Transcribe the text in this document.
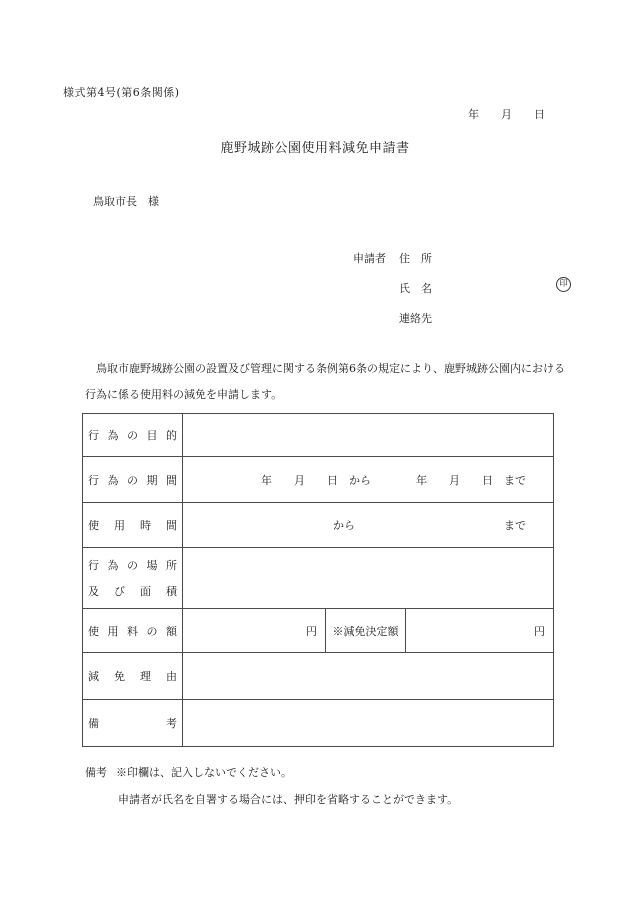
様式第4号(第6条関係)
年　　月　　日
鹿野城跡公園使用料減免申請書
鳥取市長　様
申請者 住　所
氏　名	印
連絡先
鳥取市鹿野城跡公園の設置及び管理に関する条例第6条の規定により、鹿野城跡公園内における行為に係る使用料の減免を申請します。
行 為 の 目 的
行 為 の 期 間	年　　月　　日　から	年　　月　　日　まで
使 用 時 間	から	まで
行 為 の 場 所
及 び 面 積
使 用 料 の 額	円 ※減免決定額	円
減 免 理 由
備	考
備考 ※印欄は、記入しないでください。
申請者が氏名を自署する場合には、押印を省略することができます。
